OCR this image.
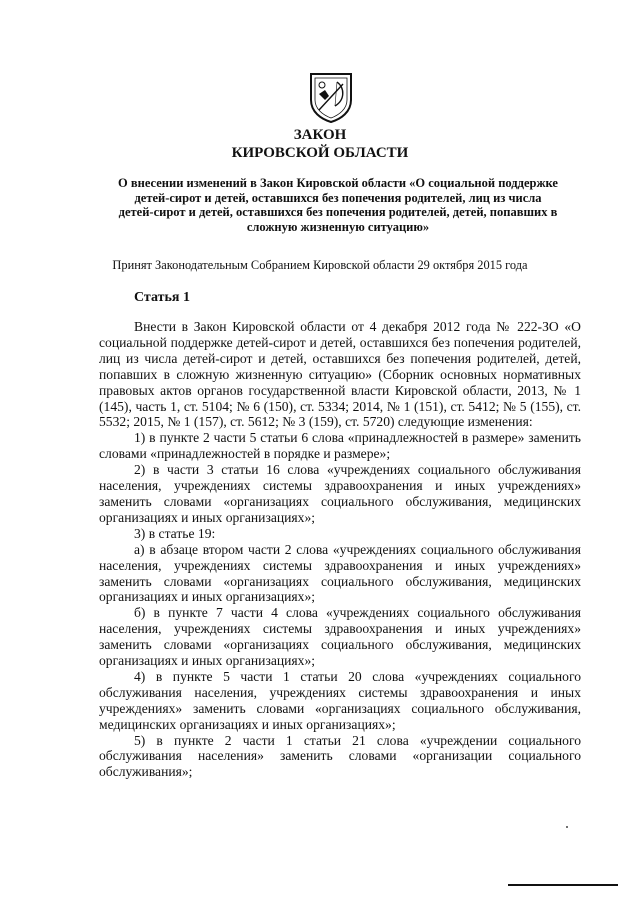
ЗАКОН
КИРОВСКОЙ ОБЛАСТИ
О внесении изменений в Закон Кировской области «О социальной поддержке детей-сирот и детей, оставшихся без попечения родителей, лиц из числа детей-сирот и детей, оставшихся без попечения родителей, детей, попавших в сложную жизненную ситуацию»
Принят Законодательным Собранием Кировской области 29 октября 2015 года
Статья 1

Внести в Закон Кировской области от 4 декабря 2012 года № 222-ЗО «О социальной поддержке детей-сирот и детей, оставшихся без попечения родителей, лиц из числа детей-сирот и детей, оставшихся без попечения родителей, детей, попавших в сложную жизненную ситуацию» (Сборник основных нормативных правовых актов органов государственной власти Кировской области, 2013, № 1 (145), часть 1, ст. 5104; № 6 (150), ст. 5334; 2014, № 1 (151), ст. 5412; № 5 (155), ст. 5532; 2015, № 1 (157), ст. 5612; № 3 (159), ст. 5720) следующие изменения:

1) в пункте 2 части 5 статьи 6 слова «принадлежностей в размере» заменить словами «принадлежностей в порядке и размере»;

2) в части 3 статьи 16 слова «учреждениях социального обслуживания населения, учреждениях системы здравоохранения и иных учреждениях» заменить словами «организациях социального обслуживания, медицинских организациях и иных организациях»;

3) в статье 19:

а) в абзаце втором части 2 слова «учреждениях социального обслуживания населения, учреждениях системы здравоохранения и иных учреждениях» заменить словами «организациях социального обслуживания, медицинских организациях и иных организациях»;

б) в пункте 7 части 4 слова «учреждениях социального обслуживания населения, учреждениях системы здравоохранения и иных учреждениях» заменить словами «организациях социального обслуживания, медицинских организациях и иных организациях»;

4) в пункте 5 части 1 статьи 20 слова «учреждениях социального обслуживания населения, учреждениях системы здравоохранения и иных учреждениях» заменить словами «организациях социального обслуживания, медицинских организациях и иных организациях»;

5) в пункте 2 части 1 статьи 21 слова «учреждении социального обслуживания населения» заменить словами «организации социального обслуживания»;
